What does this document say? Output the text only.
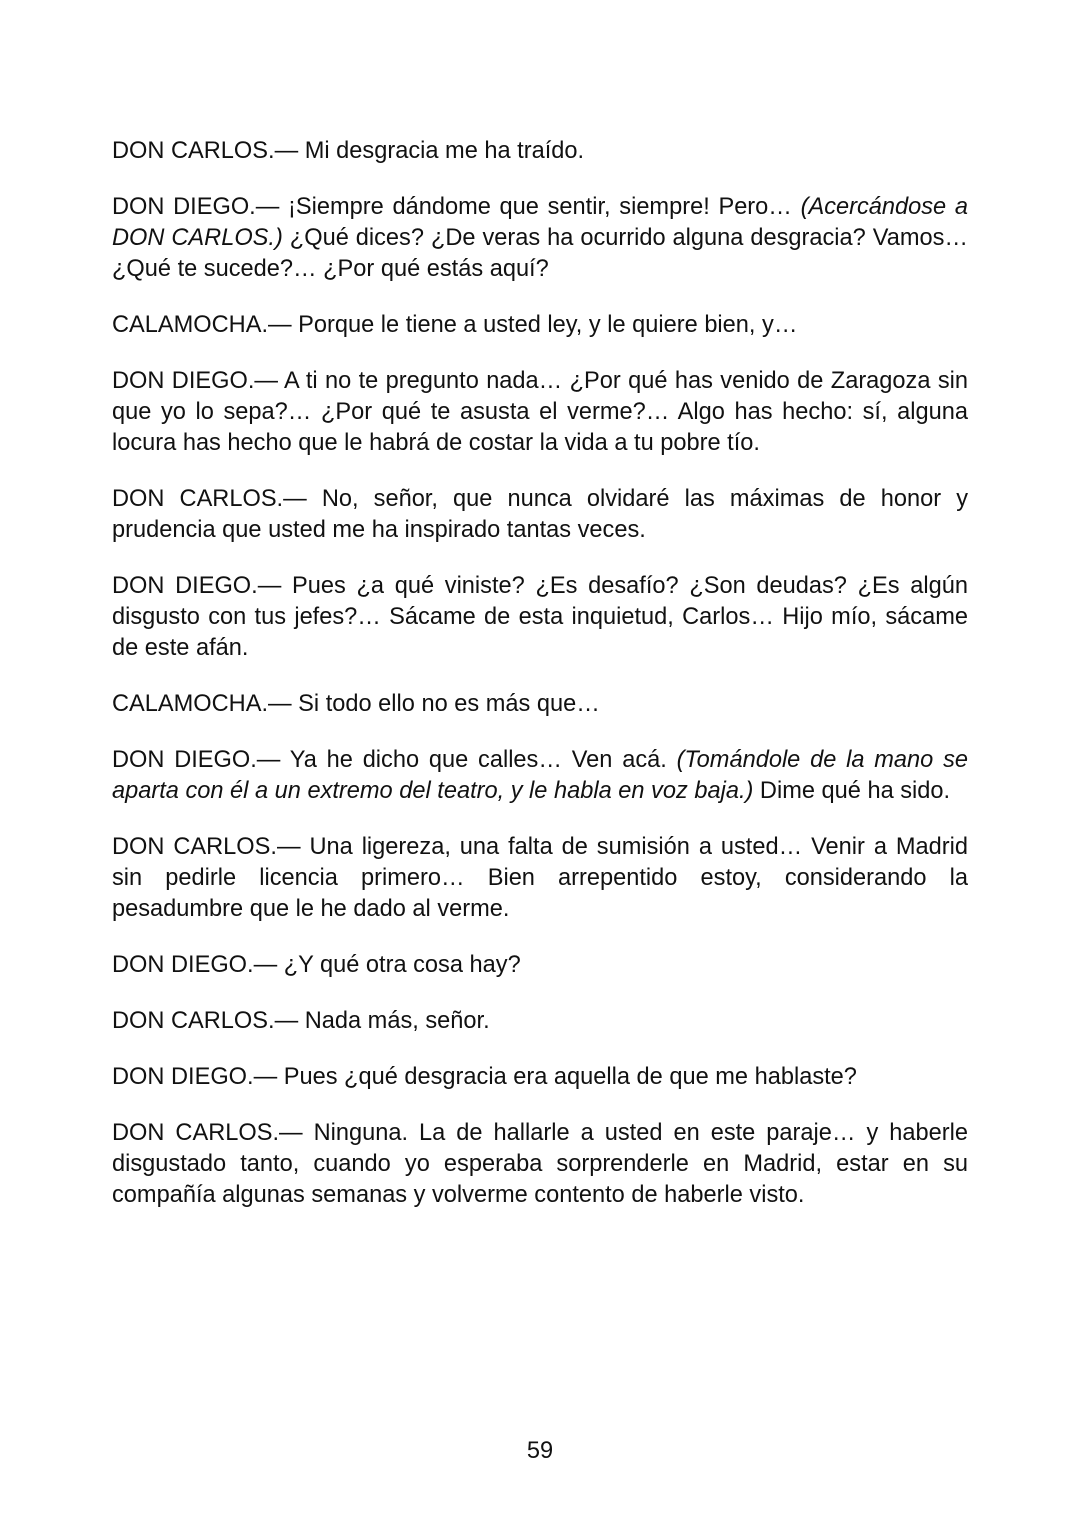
DON CARLOS.— Mi desgracia me ha traído.

DON DIEGO.— ¡Siempre dándome que sentir, siempre! Pero… (Acercándose a DON CARLOS.) ¿Qué dices? ¿De veras ha ocurrido alguna desgracia? Vamos… ¿Qué te sucede?… ¿Por qué estás aquí?

CALAMOCHA.— Porque le tiene a usted ley, y le quiere bien, y…

DON DIEGO.— A ti no te pregunto nada… ¿Por qué has venido de Zaragoza sin que yo lo sepa?… ¿Por qué te asusta el verme?… Algo has hecho: sí, alguna locura has hecho que le habrá de costar la vida a tu pobre tío.

DON CARLOS.— No, señor, que nunca olvidaré las máximas de honor y prudencia que usted me ha inspirado tantas veces.

DON DIEGO.— Pues ¿a qué viniste? ¿Es desafío? ¿Son deudas? ¿Es algún disgusto con tus jefes?… Sácame de esta inquietud, Carlos… Hijo mío, sácame de este afán.

CALAMOCHA.— Si todo ello no es más que…

DON DIEGO.— Ya he dicho que calles… Ven acá. (Tomándole de la mano se aparta con él a un extremo del teatro, y le habla en voz baja.) Dime qué ha sido.

DON CARLOS.— Una ligereza, una falta de sumisión a usted… Venir a Madrid sin pedirle licencia primero… Bien arrepentido estoy, considerando la pesadumbre que le he dado al verme.

DON DIEGO.— ¿Y qué otra cosa hay?

DON CARLOS.— Nada más, señor.

DON DIEGO.— Pues ¿qué desgracia era aquella de que me hablaste?

DON CARLOS.— Ninguna. La de hallarle a usted en este paraje… y haberle disgustado tanto, cuando yo esperaba sorprenderle en Madrid, estar en su compañía algunas semanas y volverme contento de haberle visto.

59
